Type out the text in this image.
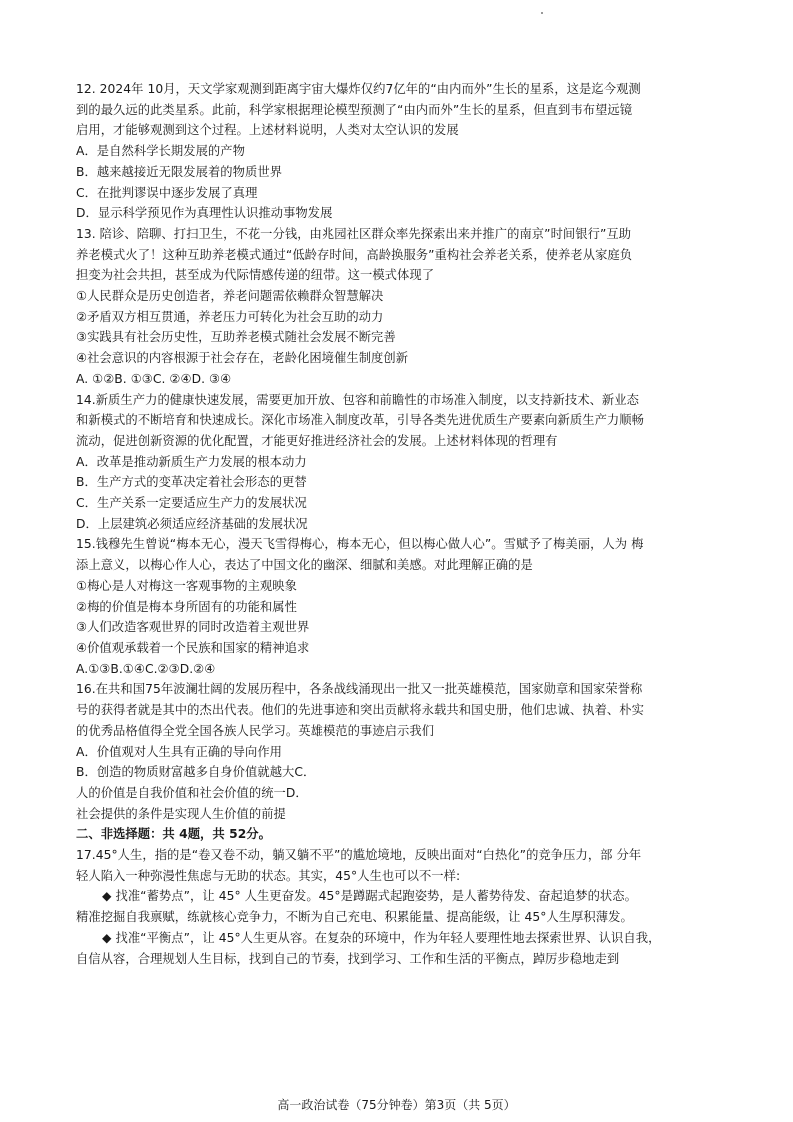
12. 2024年 10月，天文学家观测到距离宇宙大爆炸仅约7亿年的“由内而外”生长的星系，这是迄今观测
到的最久远的此类星系。此前，科学家根据理论模型预测了“由内而外”生长的星系，但直到韦布望远镜
启用，才能够观测到这个过程。上述材料说明，人类对太空认识的发展
A．是自然科学长期发展的产物
B．越来越接近无限发展着的物质世界
C．在批判谬误中逐步发展了真理
D．显示科学预见作为真理性认识推动事物发展
13. 陪诊、陪聊、打扫卫生，不花一分钱，由兆园社区群众率先探索出来并推广的南京”时间银行”互助
养老模式火了！这种互助养老模式通过“低龄存时间，高龄换服务”重构社会养老关系，使养老从家庭负
担变为社会共担，甚至成为代际情感传递的纽带。这一模式体现了
①人民群众是历史创造者，养老问题需依赖群众智慧解决
②矛盾双方相互贯通，养老压力可转化为社会互助的动力
③实践具有社会历史性，互助养老模式随社会发展不断完善
④社会意识的内容根源于社会存在，老龄化困境催生制度创新
A. ①②B. ①③C. ②④D. ③④
14.新质生产力的健康快速发展，需要更加开放、包容和前瞻性的市场准入制度，以支持新技术、新业态
和新模式的不断培育和快速成长。深化市场准入制度改革，引导各类先进优质生产要素向新质生产力顺畅
流动，促进创新资源的优化配置，才能更好推进经济社会的发展。上述材料体现的哲理有
A．改革是推动新质生产力发展的根本动力
B．生产方式的变革决定着社会形态的更替
C．生产关系一定要适应生产力的发展状况
D．上层建筑必须适应经济基础的发展状况
15.钱穆先生曾说“梅本无心，漫天飞雪得梅心，梅本无心，但以梅心做人心”。雪赋予了梅美丽，人为 梅
添上意义，以梅心作人心，表达了中国文化的幽深、细腻和美感。对此理解正确的是
①梅心是人对梅这一客观事物的主观映象
②梅的价值是梅本身所固有的功能和属性
③人们改造客观世界的同时改造着主观世界
④价值观承载着一个民族和国家的精神追求
A.①③B.①④C.②③D.②④
16.在共和国75年波澜壮阔的发展历程中，各条战线涌现出一批又一批英雄模范，国家勋章和国家荣誉称
号的获得者就是其中的杰出代表。他们的先进事迹和突出贡献将永载共和国史册，他们忠诚、执着、朴实
的优秀品格值得全党全国各族人民学习。英雄模范的事迹启示我们
A．价值观对人生具有正确的导向作用
B．创造的物质财富越多自身价值就越大C．
人的价值是自我价值和社会价值的统一D．
社会提供的条件是实现人生价值的前提
二、非选择题：共 4题，共 52分。
17.45°人生，指的是“卷又卷不动，躺又躺不平”的尴尬境地，反映出面对“白热化”的竞争压力，部 分年
轻人陷入一种弥漫性焦虑与无助的状态。其实，45°人生也可以不一样:
◆ 找准“蓄势点”，让 45° 人生更奋发。45°是蹲踞式起跑姿势，是人蓄势待发、奋起追梦的状态。
精准挖掘自我禀赋，练就核心竞争力，不断为自己充电、积累能量、提高能级，让 45°人生厚积薄发。
◆ 找准“平衡点”，让 45°人生更从容。在复杂的环境中，作为年轻人要理性地去探索世界、认识自我，
自信从容，合理规划人生目标，找到自己的节奏，找到学习、工作和生活的平衡点，踔厉步稳地走到
高一政治试卷（75分钟卷）第3页（共 5页）
